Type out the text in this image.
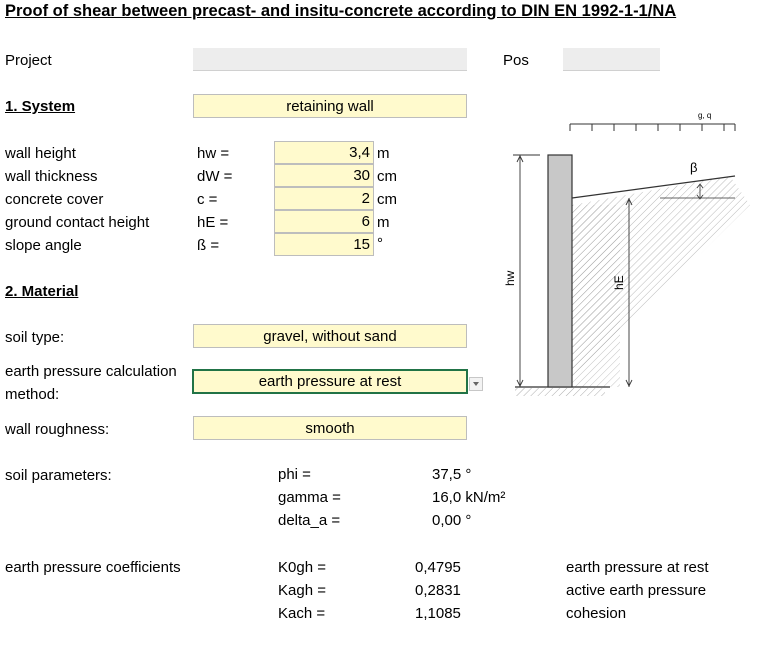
Proof of shear between precast- and insitu-concrete according to DIN EN 1992-1-1/NA
Project	Pos
1. System	retaining wall
wall height	hw =	3,4 m
wall thickness	dW =	30 cm
concrete cover	c =	2 cm
ground contact height	hE =	6 m
slope angle	ß =	15 °
2. Material
soil type:	gravel, without sand
earth pressure calculation
method:
earth pressure at rest
wall roughness:	smooth
soil parameters:	phi =	37,5 °
gamma =	16,0 kN/m²
delta_a =	0,00 °
earth pressure coefficients	K0gh =	0,4795	earth pressure at rest
Kagh =	0,2831	active earth pressure
Kach =	1,1085	cohesion
g, q
β
hw	hE
